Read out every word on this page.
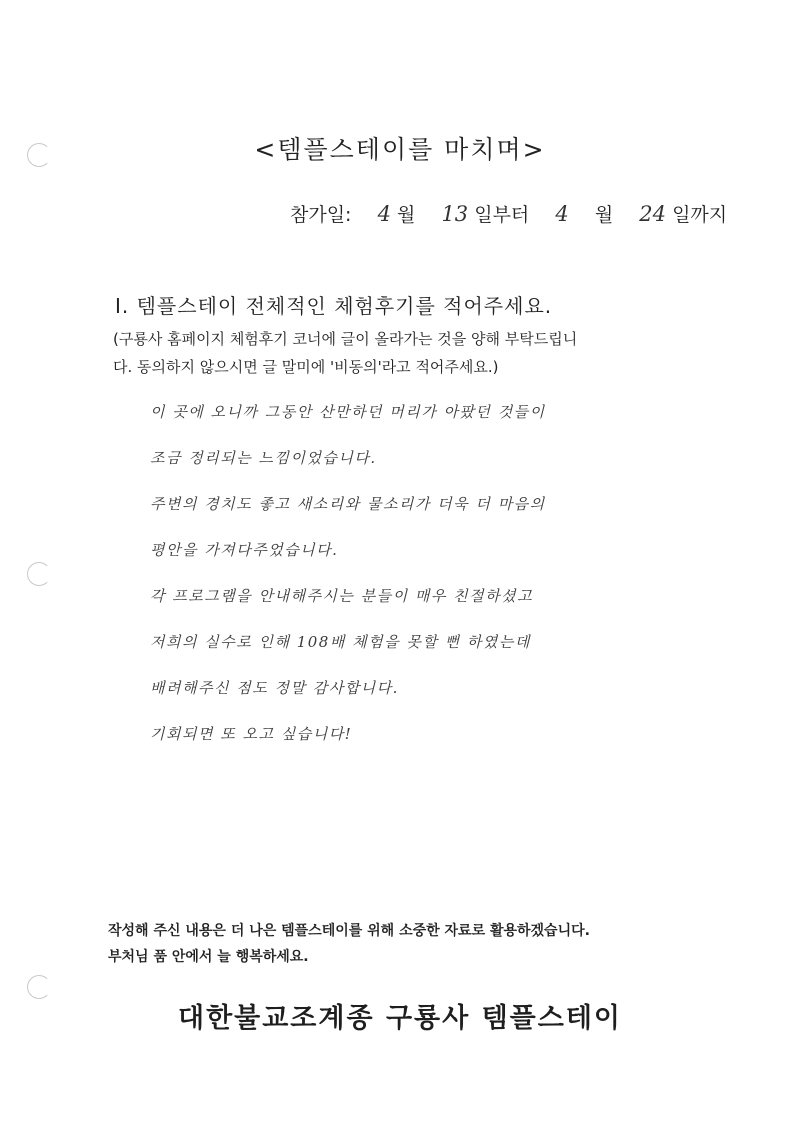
<템플스테이를 마치며>
참가일: 4 월 13 일부터 4 월 24 일까지
I. 템플스테이 전체적인 체험후기를 적어주세요.
(구룡사 홈페이지 체험후기 코너에 글이 올라가는 것을 양해 부탁드립니
다. 동의하지 않으시면 글 말미에 '비동의'라고 적어주세요.)
이 곳에 오니까 그동안 산만하던 머리가 아팠던 것들이
조금 정리되는 느낌이었습니다.
주변의 경치도 좋고 새소리와 물소리가 더욱 더 마음의
평안을 가져다주었습니다.
각 프로그램을 안내해주시는 분들이 매우 친절하셨고
저희의 실수로 인해 108배 체험을 못할 뻔 하였는데
배려해주신 점도 정말 감사합니다.
기회되면 또 오고 싶습니다!
작성해 주신 내용은 더 나은 템플스테이를 위해 소중한 자료로 활용하겠습니다.
부처님 품 안에서 늘 행복하세요.
대한불교조계종 구룡사 템플스테이
